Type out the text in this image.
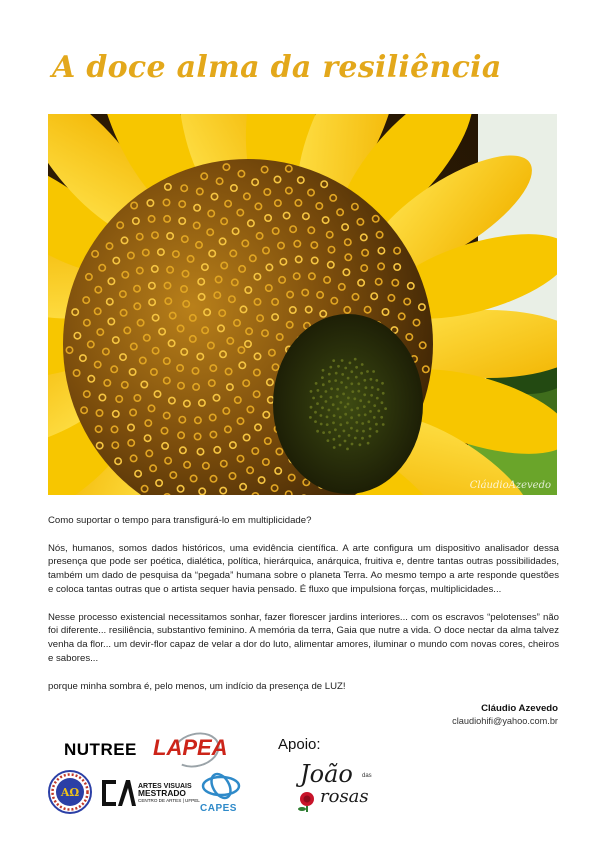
A doce alma da resiliência
CláudioAzevedo

Como suportar o tempo para transfigurá-lo em multiplicidade?

Nós, humanos, somos dados históricos, uma evidência científica. A arte configura um dispositivo analisador dessa presença que pode ser poética, dialética, política, hierárquica, anárquica, fruitiva e, dentre tantas outras possibilidades, também um dado de pesquisa da “pegada” humana sobre o planeta Terra. Ao mesmo tempo a arte responde questões e coloca tantas outras que o artista sequer havia pensado. É fluxo que impulsiona forças, multiplicidades...

Nesse processo existencial necessitamos sonhar, fazer florescer jardins interiores... com os escravos “pelotenses” não foi diferente... resiliência, substantivo feminino. A memória da terra, Gaia que nutre a vida. O doce nectar da alma talvez venha da flor... um devir-flor capaz de velar a dor do luto, alimentar amores, iluminar o mundo com novas cores, cheiros e sabores...

porque minha sombra é, pelo menos, um indício da presença de LUZ!

Cláudio Azevedo
claudiohifi@yahoo.com.br
NUTREE LAPEA	Apoio:
AΩ	ARTES VISUAIS
MESTRADO
CENTRO DE ARTES | UFPEL
CAPES
João das
rosas
